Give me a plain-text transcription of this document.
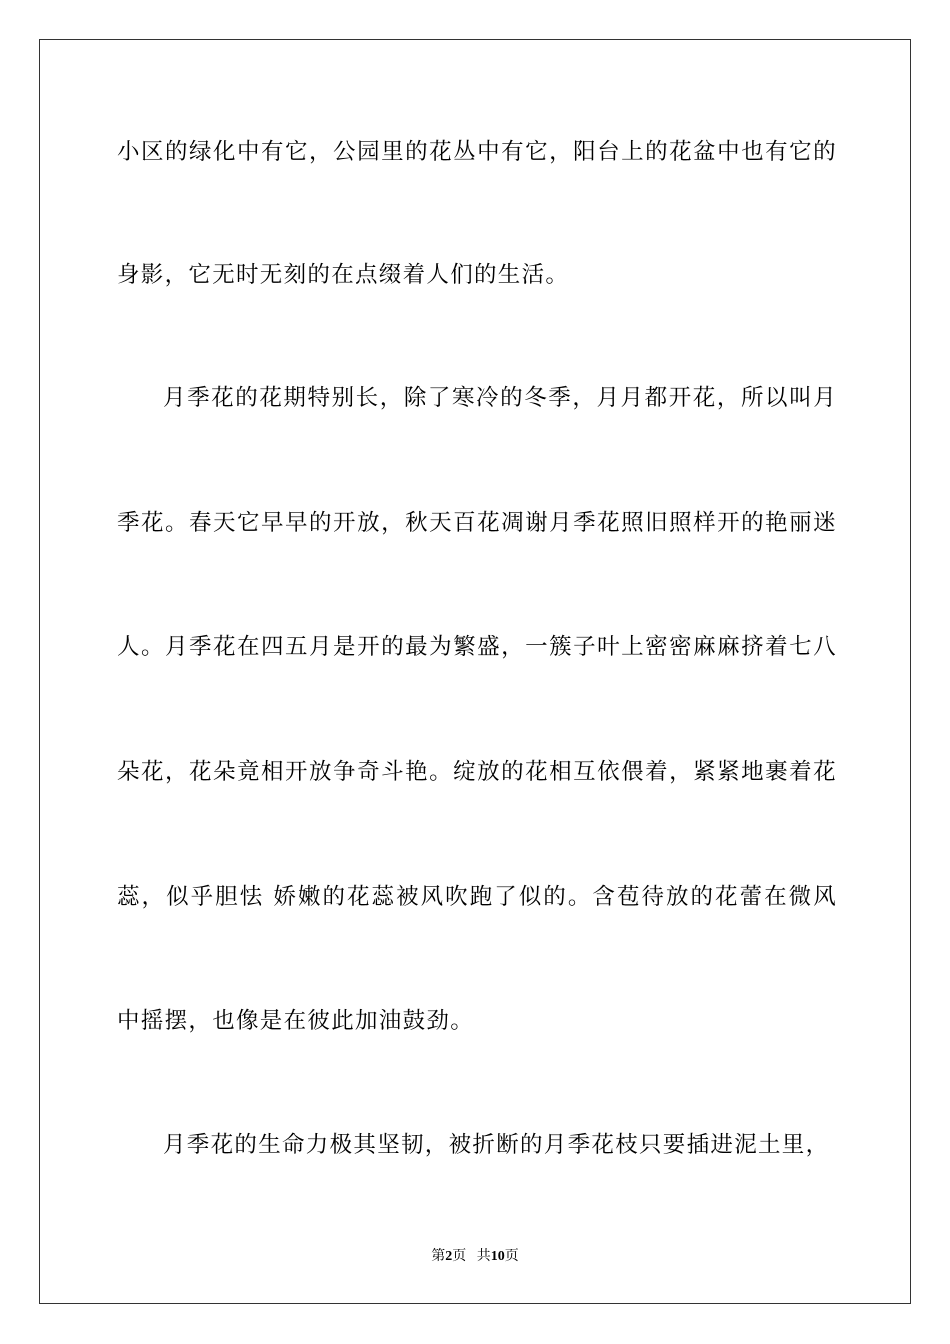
小区的绿化中有它，公园里的花丛中有它，阳台上的花盆中也有它的
身影，它无时无刻的在点缀着人们的生活。
月季花的花期特别长，除了寒冷的冬季，月月都开花，所以叫月
季花。春天它早早的开放，秋天百花凋谢月季花照旧照样开的艳丽迷
人。月季花在四五月是开的最为繁盛，一簇子叶上密密麻麻挤着七八
朵花，花朵竟相开放争奇斗艳。绽放的花相互依偎着，紧紧地裹着花
蕊，似乎胆怯 娇嫩的花蕊被风吹跑了似的。含苞待放的花蕾在微风
中摇摆，也像是在彼此加油鼓劲。
月季花的生命力极其坚韧，被折断的月季花枝只要插进泥土里，
第2页 共10页
